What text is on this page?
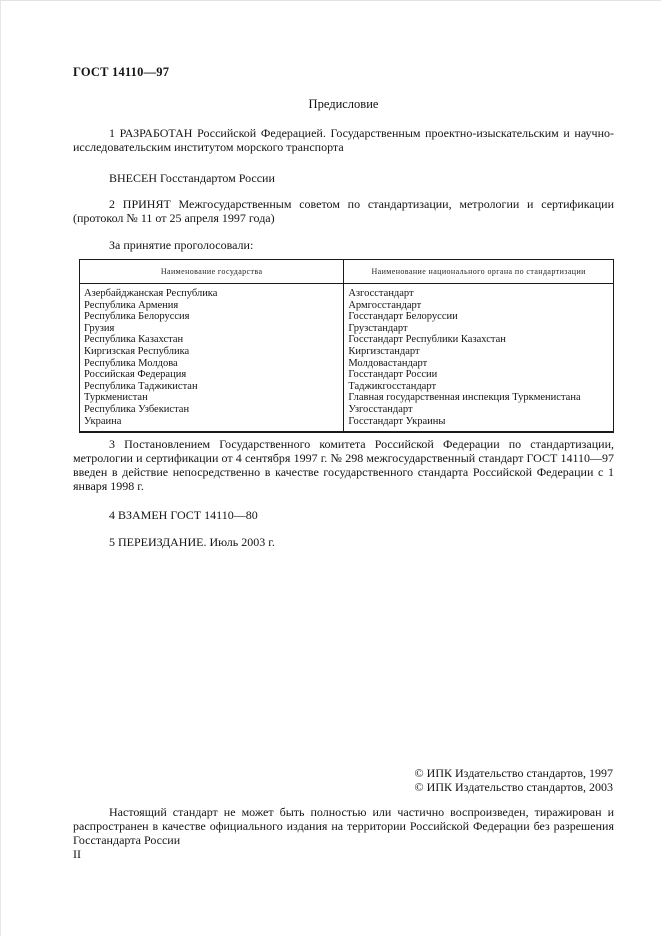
ГОСТ 14110—97
Предисловие

1 РАЗРАБОТАН Российской Федерацией. Государственным проектно-изыскательским и научно-исследовательским институтом морского транспорта

ВНЕСЕН Госстандартом России

2 ПРИНЯТ Межгосударственным советом по стандартизации, метрологии и сертификации (протокол № 11 от 25 апреля 1997 года)

За принятие проголосовали:

Наименование государства	Наименование национального органа по стандартизации
Азербайджанская Республика	Азгосстандарт
Республика Армения	Армгосстандарт
Республика Белоруссия	Госстандарт Белоруссии
Грузия	Грузстандарт
Республика Казахстан	Госстандарт Республики Казахстан
Киргизская Республика	Киргизстандарт
Республика Молдова	Молдовастандарт
Российская Федерация	Госстандарт России
Республика Таджикистан	Таджикгосстандарт
Туркменистан	Главная государственная инспекция Туркменистана
Республика Узбекистан	Узгосстандарт
Украина	Госстандарт Украины

3 Постановлением Государственного комитета Российской Федерации по стандартизации, метрологии и сертификации от 4 сентября 1997 г. № 298 межгосударственный стандарт ГОСТ 14110—97 введен в действие непосредственно в качестве государственного стандарта Российской Федерации с 1 января 1998 г.

4 ВЗАМЕН ГОСТ 14110—80

5 ПЕРЕИЗДАНИЕ. Июль 2003 г.

© ИПК Издательство стандартов, 1997
© ИПК Издательство стандартов, 2003

Настоящий стандарт не может быть полностью или частично воспроизведен, тиражирован и распространен в качестве официального издания на территории Российской Федерации без разрешения Госстандарта России

II
